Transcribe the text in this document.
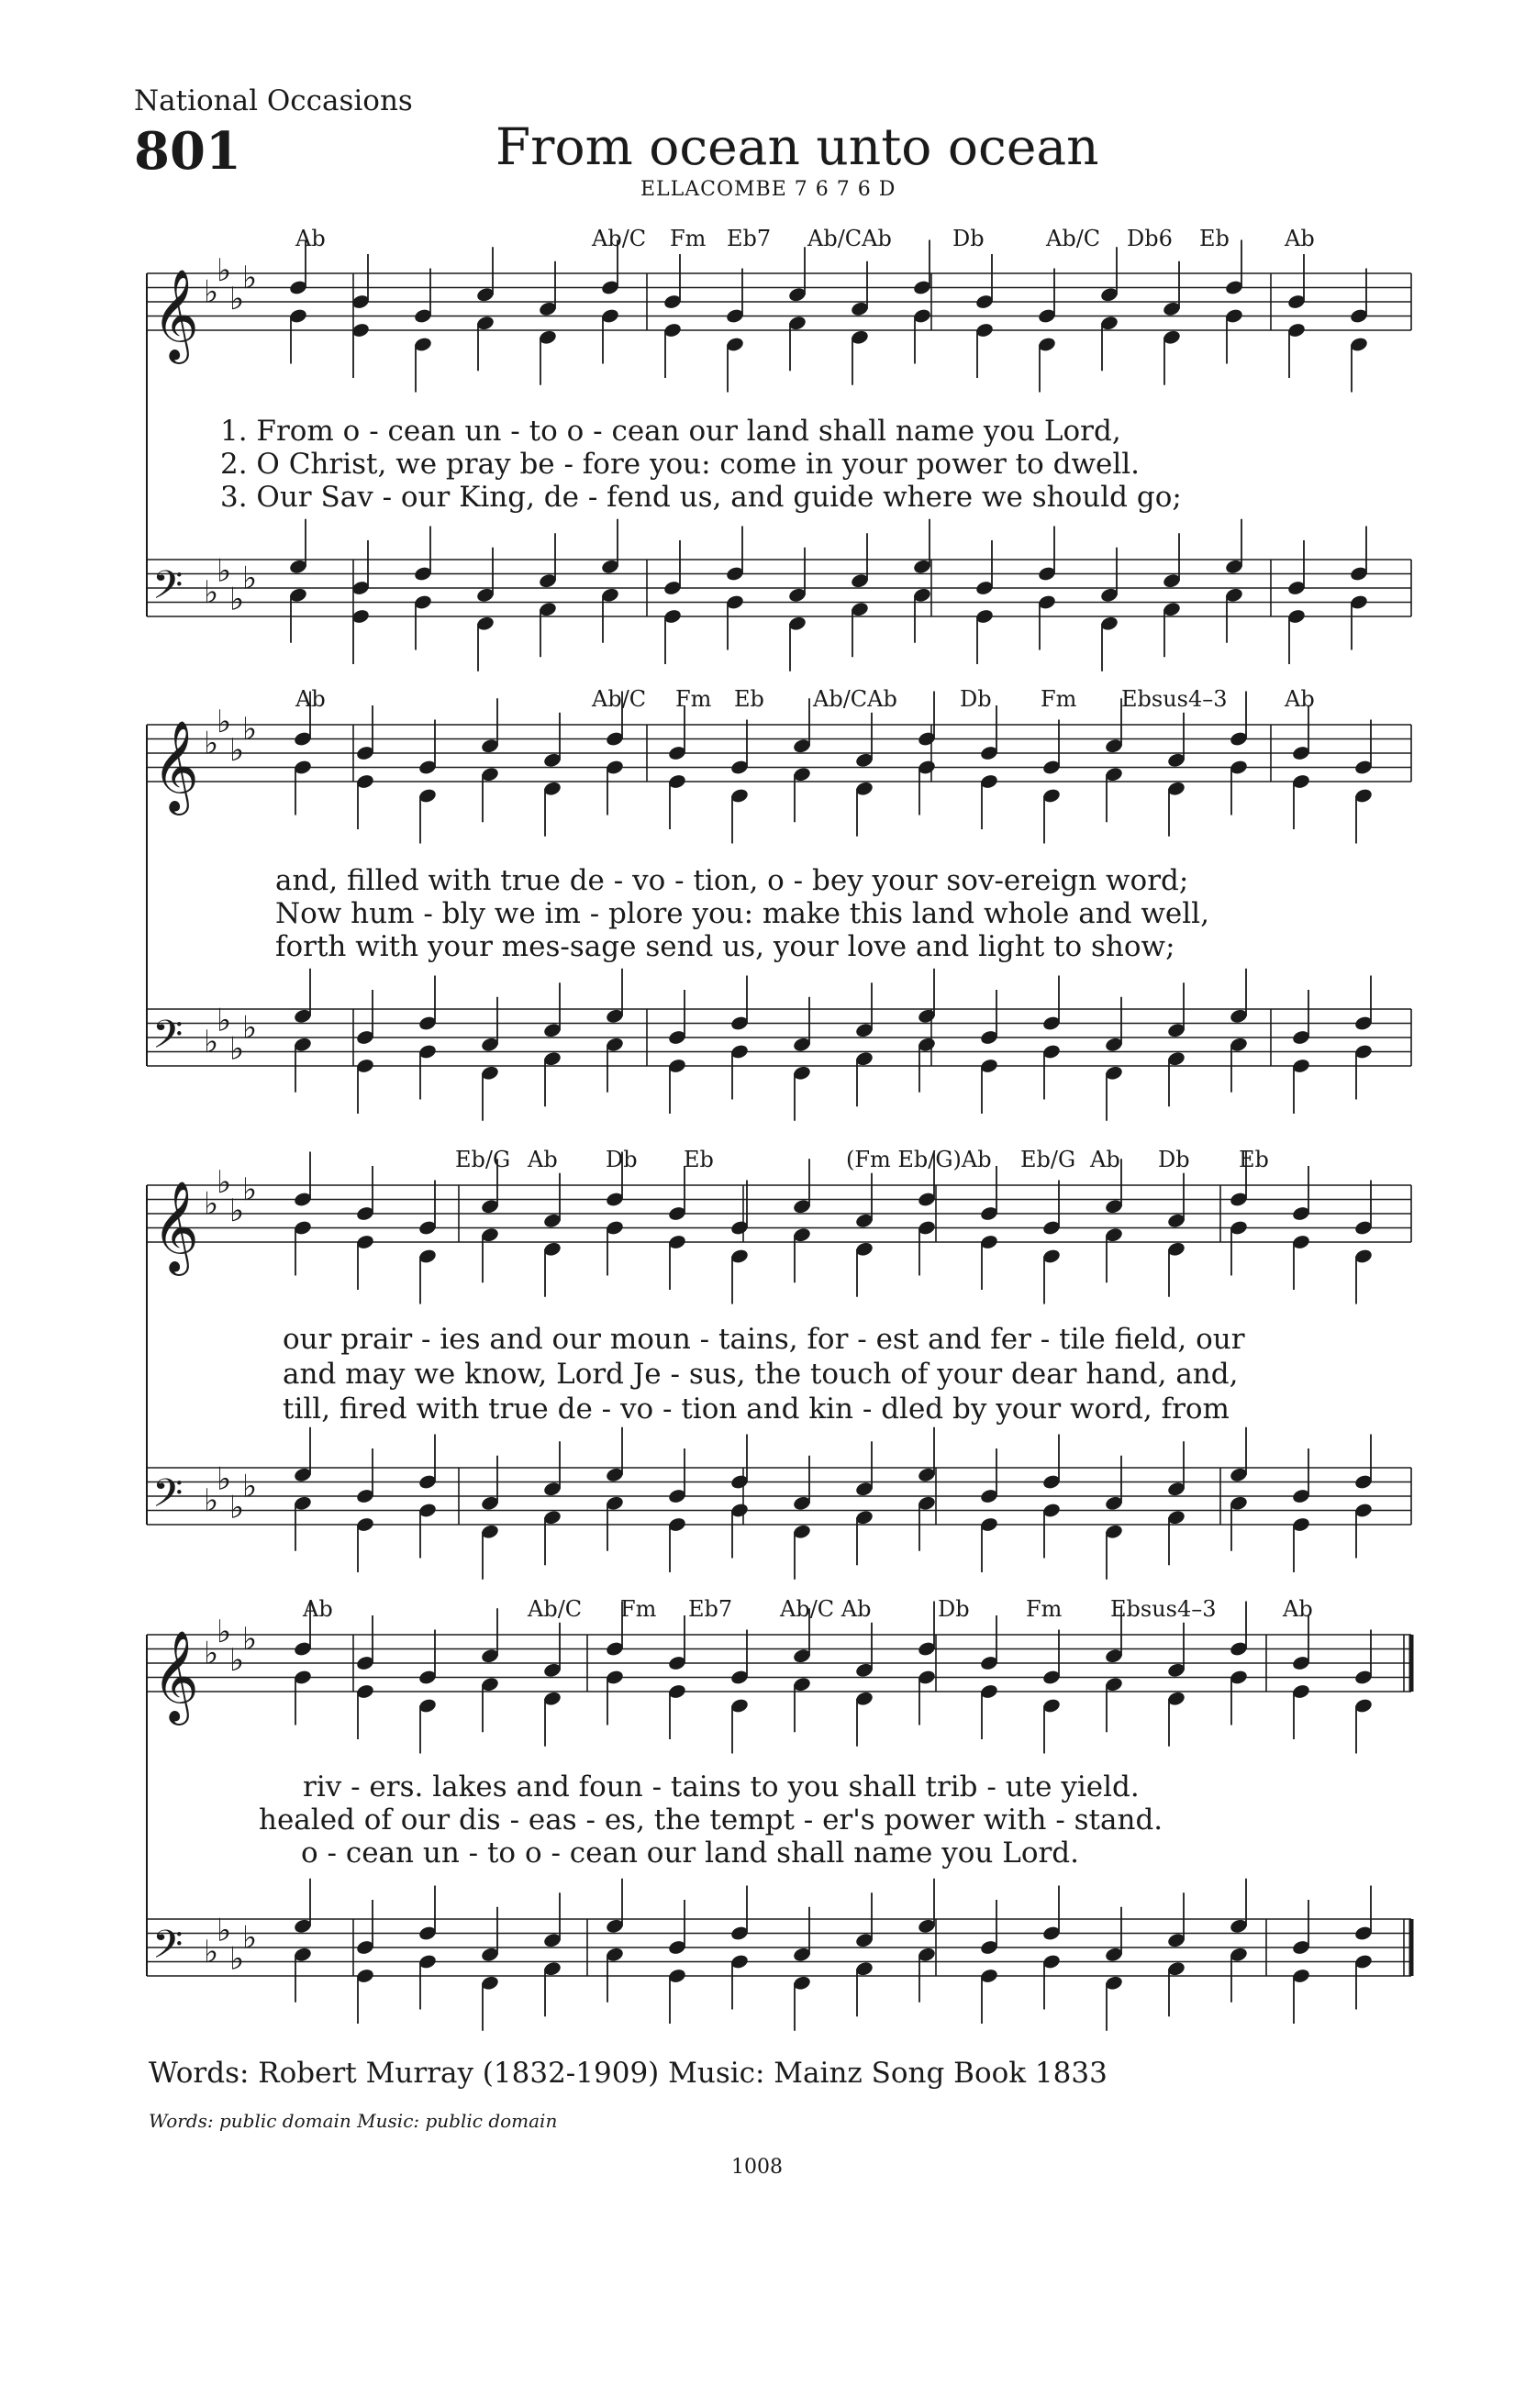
National Occasions
801	From ocean unto ocean
ELLACOMBE 7 6 7 6 D
𝄞 ♭
♭
♭
♭
𝄢 ♭
♭
♭
♭
𝄞 ♭
♭
♭
♭
𝄢 ♭
♭
♭
♭
𝄞 ♭
♭
♭
♭
𝄢 ♭
♭
♭
♭
𝄞 ♭
♭
♭
♭
𝄢 ♭
♭
♭
♭
Ab	Ab/C Fm Eb7 Ab/CAb	Db	Ab/C Db6 Eb	Ab
1. From o - cean un - to o - cean our land shall name you Lord,
2. O Christ, we pray be - fore you: come in your power to dwell.
3. Our Sav - our King, de - fend us, and guide where we should go;
Ab	Ab/C Fm Eb Ab/CAb	Db Fm Ebsus4–3	Ab
and, filled with true de - vo - tion, o - bey your sov-ereign word;
Now hum - bly we im - plore you: make this land whole and well,
forth with your mes-sage send us, your love and light to show;
Eb/G Ab Db Eb	(Fm Eb/G)Ab Eb/G Ab Db Eb
our prair - ies and our moun - tains, for - est and fer - tile field, our
and may we know, Lord Je - sus, the touch of your dear hand, and,
till, fired with true de - vo - tion and kin - dled by your word, from
Ab	Ab/C Fm Eb7 Ab/C Ab	Db	Fm Ebsus4–3	Ab
riv - ers. lakes and foun - tains to you shall trib - ute yield.
healed of our dis - eas - es, the tempt - er's power with - stand.
o - cean un - to o - cean our land shall name you Lord.
Words: Robert Murray (1832-1909) Music: Mainz Song Book 1833
Words: public domain Music: public domain
1008
